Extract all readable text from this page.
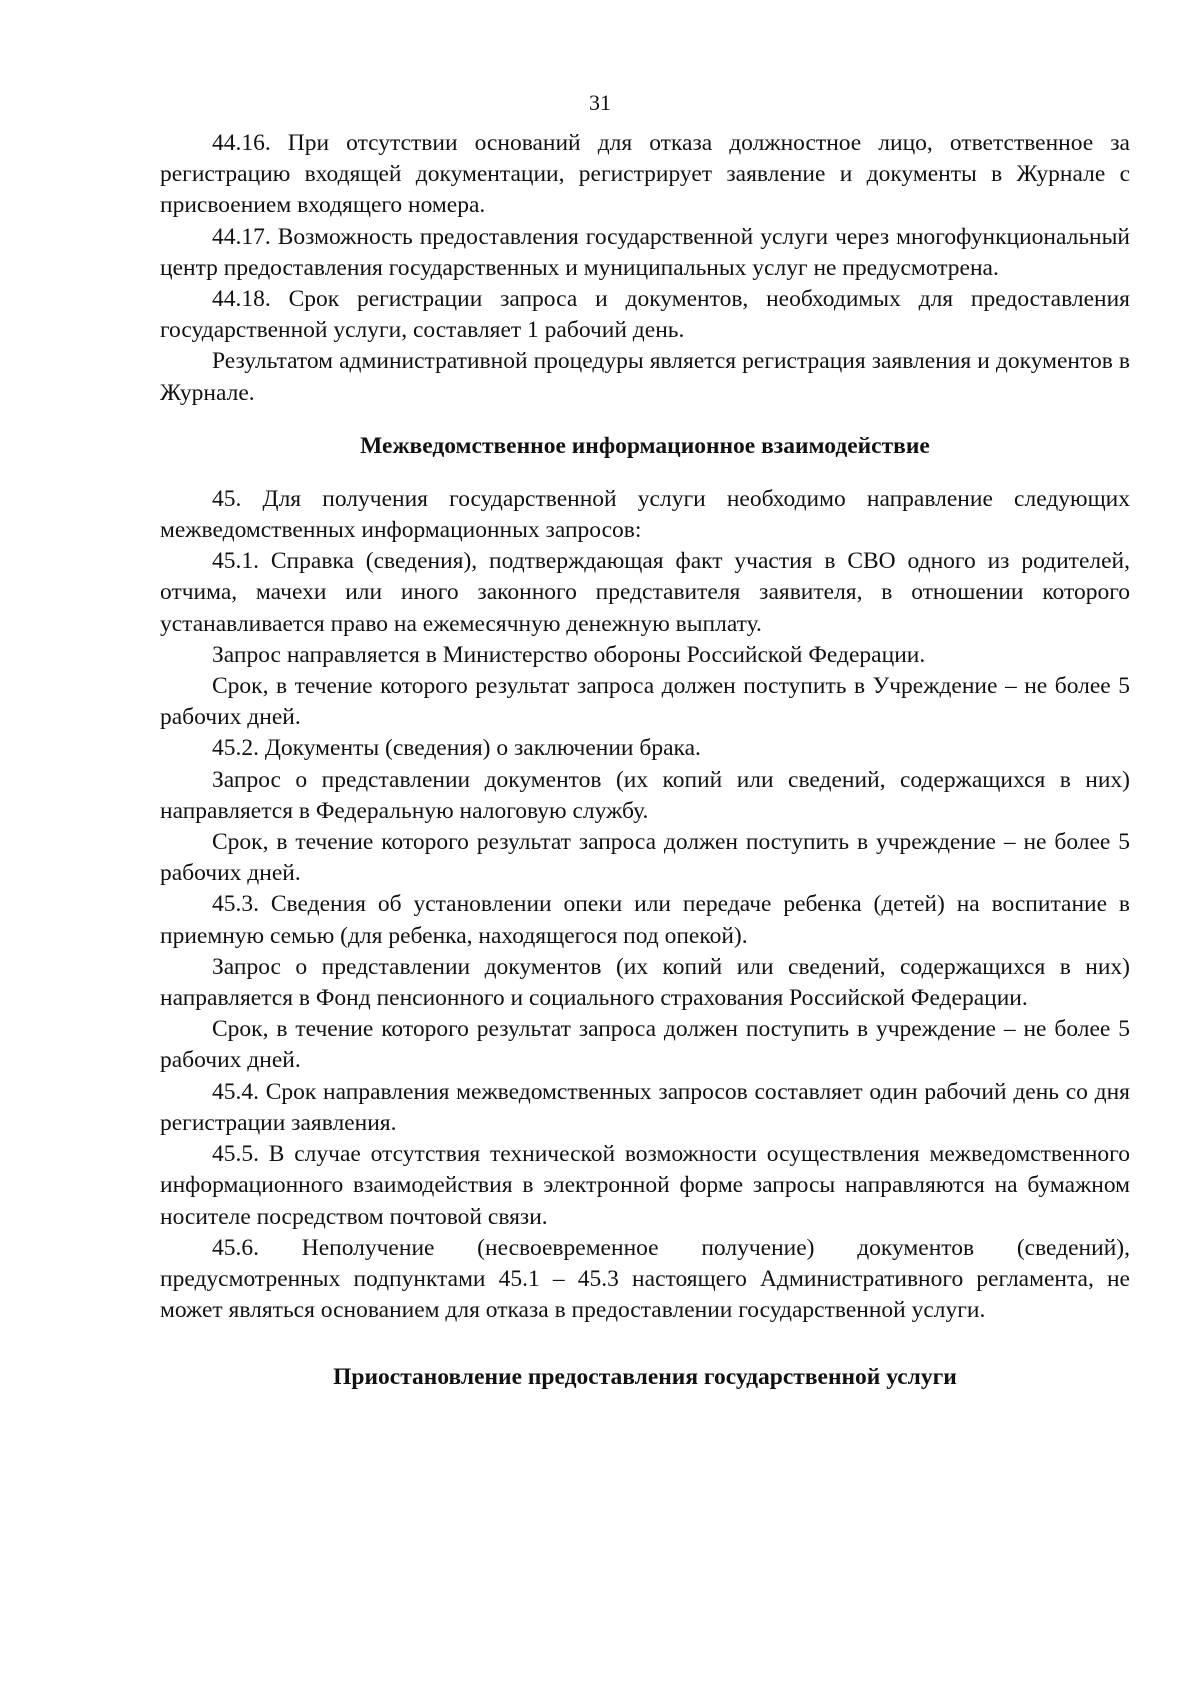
31

44.16. При отсутствии оснований для отказа должностное лицо, ответственное за регистрацию входящей документации, регистрирует заявление и документы в Журнале с присвоением входящего номера.

44.17. Возможность предоставления государственной услуги через многофункциональный центр предоставления государственных и муниципальных услуг не предусмотрена.

44.18. Срок регистрации запроса и документов, необходимых для предоставления государственной услуги, составляет 1 рабочий день.

Результатом административной процедуры является регистрация заявления и документов в Журнале.

Межведомственное информационное взаимодействие

45. Для получения государственной услуги необходимо направление следующих межведомственных информационных запросов:

45.1. Справка (сведения), подтверждающая факт участия в СВО одного из родителей, отчима, мачехи или иного законного представителя заявителя, в отношении которого устанавливается право на ежемесячную денежную выплату.

Запрос направляется в Министерство обороны Российской Федерации.

Срок, в течение которого результат запроса должен поступить в Учреждение – не более 5 рабочих дней.

45.2. Документы (сведения) о заключении брака.

Запрос о представлении документов (их копий или сведений, содержащихся в них) направляется в Федеральную налоговую службу.

Срок, в течение которого результат запроса должен поступить в учреждение – не более 5 рабочих дней.

45.3. Сведения об установлении опеки или передаче ребенка (детей) на воспитание в приемную семью (для ребенка, находящегося под опекой).

Запрос о представлении документов (их копий или сведений, содержащихся в них) направляется в Фонд пенсионного и социального страхования Российской Федерации.

Срок, в течение которого результат запроса должен поступить в учреждение – не более 5 рабочих дней.

45.4. Срок направления межведомственных запросов составляет один рабочий день со дня регистрации заявления.

45.5. В случае отсутствия технической возможности осуществления межведомственного информационного взаимодействия в электронной форме запросы направляются на бумажном носителе посредством почтовой связи.

45.6. Неполучение (несвоевременное получение) документов (сведений), предусмотренных подпунктами 45.1 – 45.3 настоящего Административного регламента, не может являться основанием для отказа в предоставлении государственной услуги.

Приостановление предоставления государственной услуги
